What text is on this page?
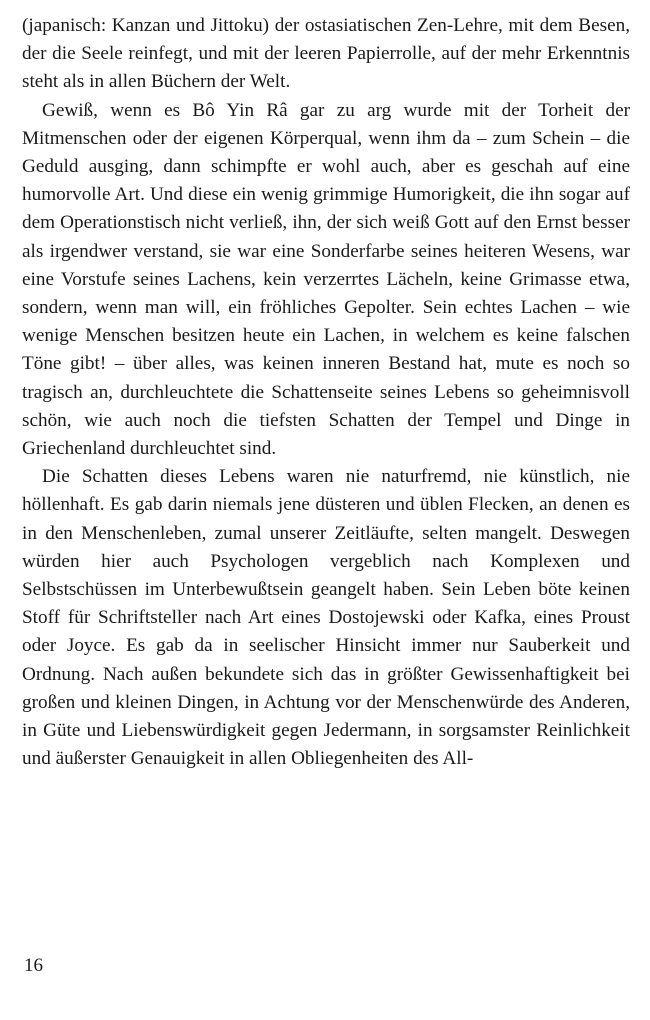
(japanisch: Kanzan und Jittoku) der ostasiatischen Zen-Lehre, mit dem Besen, der die Seele reinfegt, und mit der leeren Papierrolle, auf der mehr Erkenntnis steht als in allen Büchern der Welt.

Gewiß, wenn es Bô Yin Râ gar zu arg wurde mit der Torheit der Mitmenschen oder der eigenen Körperqual, wenn ihm da – zum Schein – die Geduld ausging, dann schimpfte er wohl auch, aber es geschah auf eine humorvolle Art. Und diese ein wenig grimmige Humorigkeit, die ihn sogar auf dem Operationstisch nicht verließ, ihn, der sich weiß Gott auf den Ernst besser als irgendwer verstand, sie war eine Sonderfarbe seines heiteren Wesens, war eine Vorstufe seines Lachens, kein verzerrtes Lächeln, keine Grimasse etwa, sondern, wenn man will, ein fröhliches Gepolter. Sein echtes Lachen – wie wenige Menschen besitzen heute ein Lachen, in welchem es keine falschen Töne gibt! – über alles, was keinen inneren Bestand hat, mute es noch so tragisch an, durchleuchtete die Schattenseite seines Lebens so geheimnisvoll schön, wie auch noch die tiefsten Schatten der Tempel und Dinge in Griechenland durchleuchtet sind.

Die Schatten dieses Lebens waren nie naturfremd, nie künstlich, nie höllenhaft. Es gab darin niemals jene düsteren und üblen Flecken, an denen es in den Menschenleben, zumal unserer Zeitläufte, selten mangelt. Deswegen würden hier auch Psychologen vergeblich nach Komplexen und Selbstschüssen im Unterbewußtsein geangelt haben. Sein Leben böte keinen Stoff für Schriftsteller nach Art eines Dostojewski oder Kafka, eines Proust oder Joyce. Es gab da in seelischer Hinsicht immer nur Sauberkeit und Ordnung. Nach außen bekundete sich das in größter Gewissenhaftigkeit bei großen und kleinen Dingen, in Achtung vor der Menschenwürde des Anderen, in Güte und Liebenswürdigkeit gegen Jedermann, in sorgsamster Reinlichkeit und äußerster Genauigkeit in allen Obliegenheiten des All-

16
